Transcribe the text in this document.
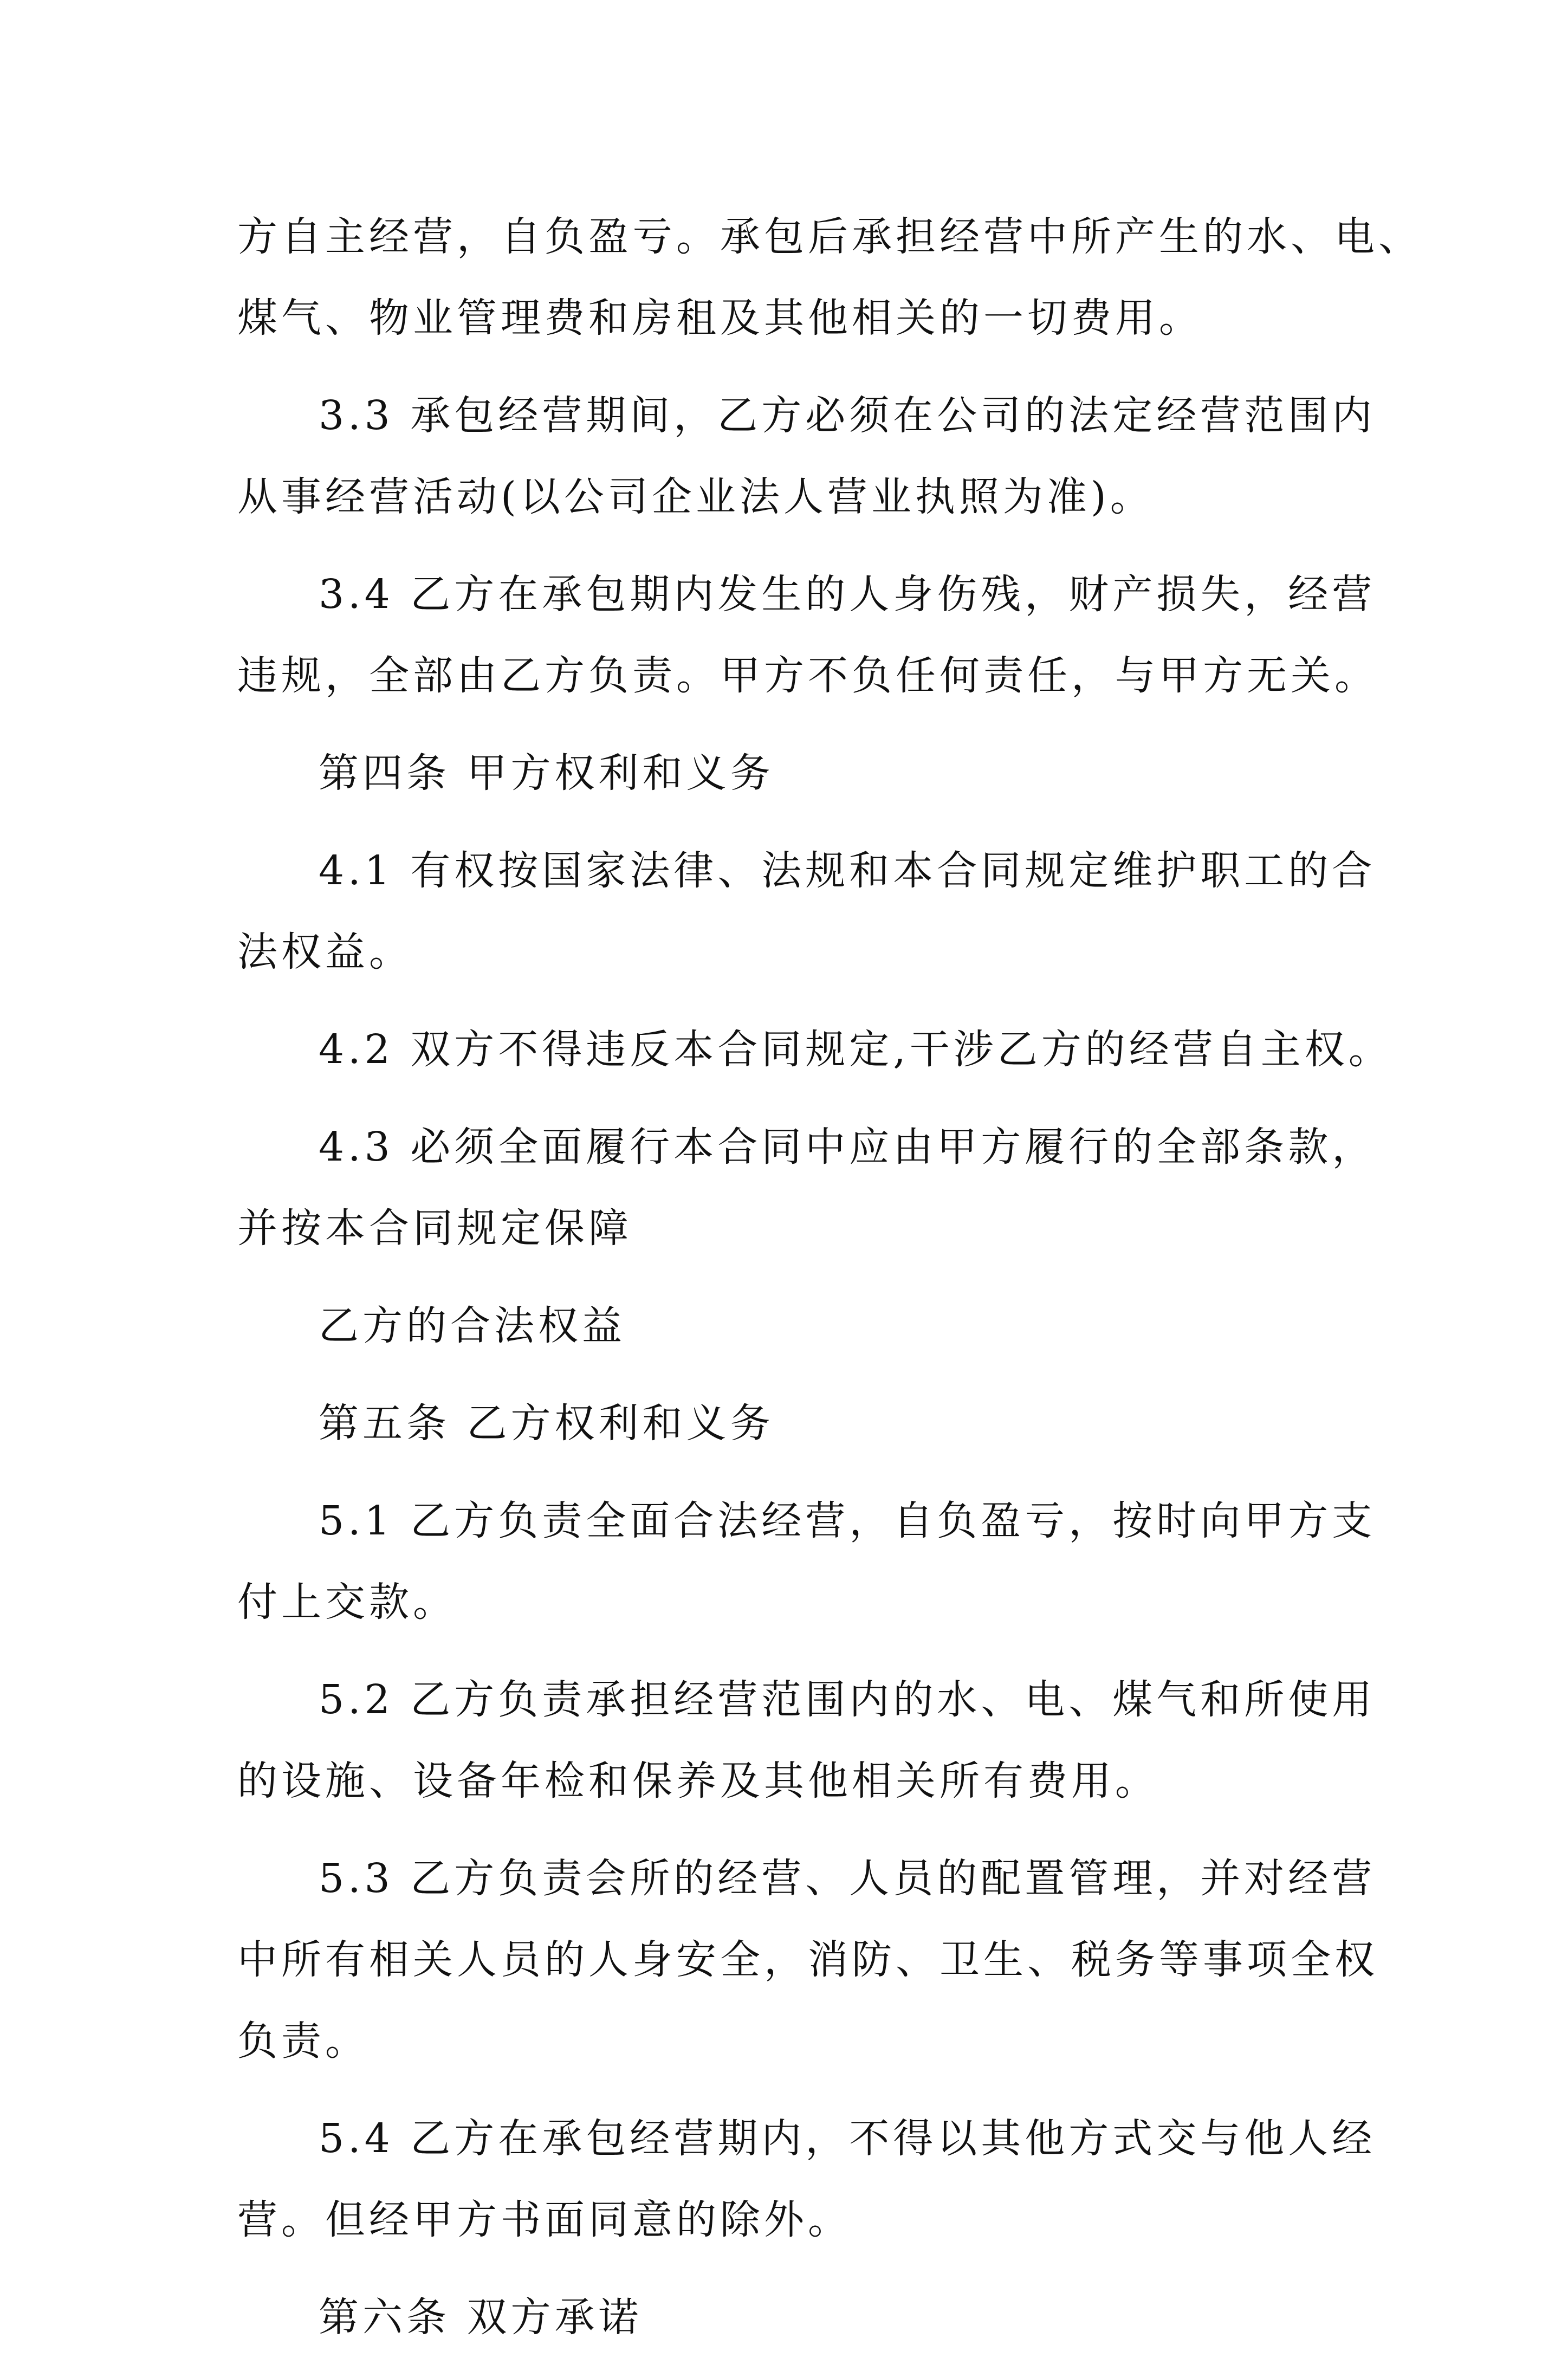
方自主经营，自负盈亏。承包后承担经营中所产生的水、电、
煤气、物业管理费和房租及其他相关的一切费用。
3.3 承包经营期间，乙方必须在公司的法定经营范围内
从事经营活动(以公司企业法人营业执照为准)。
3.4 乙方在承包期内发生的人身伤残，财产损失，经营
违规，全部由乙方负责。甲方不负任何责任，与甲方无关。
第四条 甲方权利和义务
4.1 有权按国家法律、法规和本合同规定维护职工的合
法权益。
4.2 双方不得违反本合同规定,干涉乙方的经营自主权。
4.3 必须全面履行本合同中应由甲方履行的全部条款，
并按本合同规定保障
乙方的合法权益
第五条 乙方权利和义务
5.1 乙方负责全面合法经营，自负盈亏，按时向甲方支
付上交款。
5.2 乙方负责承担经营范围内的水、电、煤气和所使用
的设施、设备年检和保养及其他相关所有费用。
5.3 乙方负责会所的经营、人员的配置管理，并对经营
中所有相关人员的人身安全，消防、卫生、税务等事项全权
负责。
5.4 乙方在承包经营期内，不得以其他方式交与他人经
营。但经甲方书面同意的除外。
第六条 双方承诺
